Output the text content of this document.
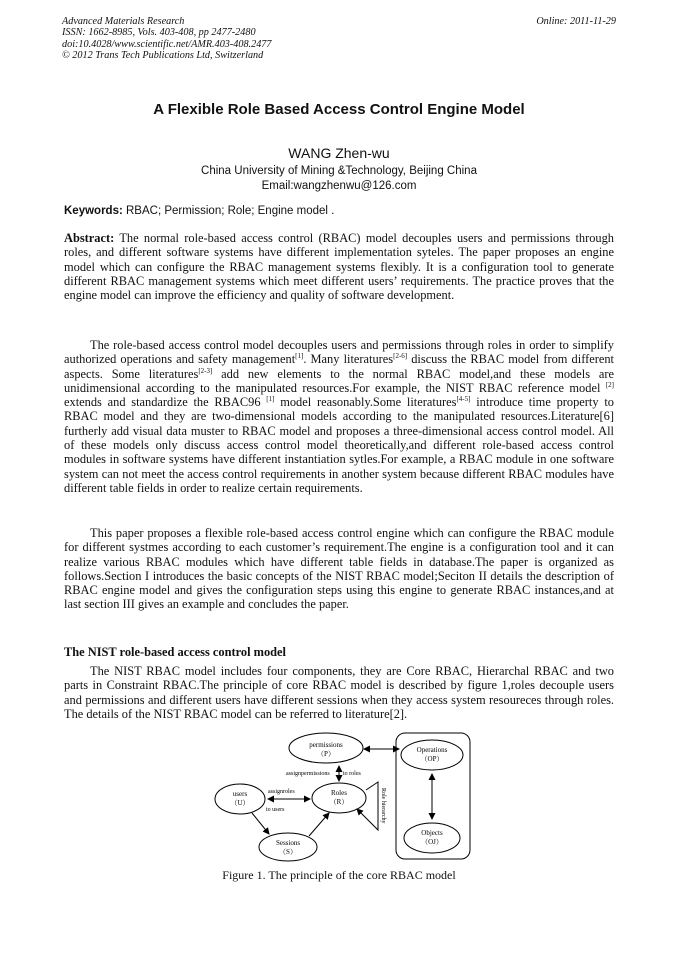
Advanced Materials Research
ISSN: 1662-8985, Vols. 403-408, pp 2477-2480
doi:10.4028/www.scientific.net/AMR.403-408.2477
© 2012 Trans Tech Publications Ltd, Switzerland
Online: 2011-11-29
A Flexible Role Based Access Control Engine Model
WANG Zhen-wu
China University of Mining &Technology, Beijing China
Email:wangzhenwu@126.com
Keywords: RBAC; Permission; Role; Engine model .

Abstract: The normal role-based access control (RBAC) model decouples users and permissions through roles, and different software systems have different implementation syteles. The paper proposes an engine model which can configure the RBAC management systems flexibly. It is a configuration tool to generate different RBAC management systems which meet different users’ requirements. The practice proves that the engine model can improve the efficiency and quality of software development.

The role-based access control model decouples users and permissions through roles in order to simplify authorized operations and safety management[1]. Many literatures[2-6] discuss the RBAC model from different aspects. Some literatures[2-3] add new elements to the normal RBAC model,and these models are unidimensional according to the manipulated resources.For example, the NIST RBAC reference model [2] extends and standardize the RBAC96 [1] model reasonably.Some literatures[4-5] introduce time property to RBAC model and they are two-dimensional models according to the manipulated resources.Literature[6] furtherly add visual data muster to RBAC model and proposes a three-dimensional access control model. All of these models only discuss access control model theoretically,and different role-based access control modules in software systems have different instantiation sytles.For example, a RBAC module in one software system can not meet the access control requirements in another system because different RBAC modules have different table fields in order to realize certain requirements.

This paper proposes a flexible role-based access control engine which can configure the RBAC module for different systmes according to each customer’s requirement.The engine is a configuration tool and it can realize various RBAC modules which have different table fields in database.The paper is organized as follows.Section I introduces the basic concepts of the NIST RBAC model;Seciton II details the description of RBAC engine model and gives the configuration steps using this engine to generate RBAC instances,and at last section III gives an example and concludes the paper.

The NIST role-based access control model

The NIST RBAC model includes four components, they are Core RBAC, Hierarchal RBAC and two parts in Constraint RBAC.The principle of core RBAC model is described by figure 1,roles decouple users and permissions and different users have different sessions when they access system resoureces through roles. The details of the NIST RBAC model can be referred to literature[2].

permissions
（P）	Operations
（OP）
Objects
（OJ）
users
（U）
Roles
（R）
assignpermissions to roles
assignroles
to users	Role hierarchy
Sessions
（S）
Figure 1. The principle of the core RBAC model
